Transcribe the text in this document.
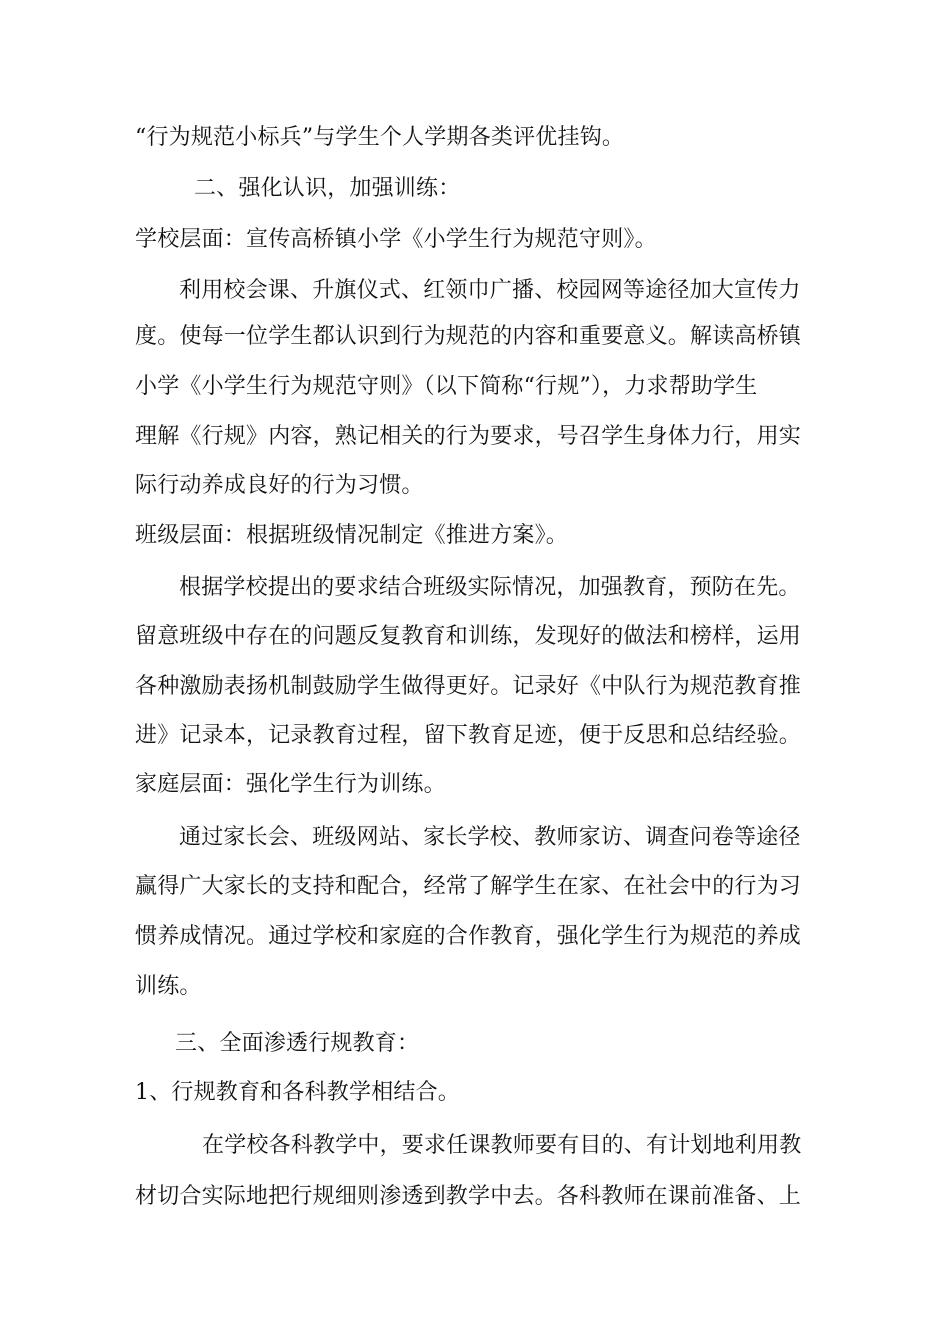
“行为规范小标兵”与学生个人学期各类评优挂钩。
二、强化认识，加强训练：
学校层面：宣传高桥镇小学《小学生行为规范守则》。
利用校会课、升旗仪式、红领巾广播、校园网等途径加大宣传力
度。使每一位学生都认识到行为规范的内容和重要意义。解读高桥镇
小学《小学生行为规范守则》（以下简称“行规”），力求帮助学生
理解《行规》内容，熟记相关的行为要求，号召学生身体力行，用实
际行动养成良好的行为习惯。
班级层面：根据班级情况制定《推进方案》。
根据学校提出的要求结合班级实际情况，加强教育，预防在先。
留意班级中存在的问题反复教育和训练，发现好的做法和榜样，运用
各种激励表扬机制鼓励学生做得更好。记录好《中队行为规范教育推
进》记录本，记录教育过程，留下教育足迹，便于反思和总结经验。
家庭层面：强化学生行为训练。
通过家长会、班级网站、家长学校、教师家访、调查问卷等途径
赢得广大家长的支持和配合，经常了解学生在家、在社会中的行为习
惯养成情况。通过学校和家庭的合作教育，强化学生行为规范的养成
训练。
三、全面渗透行规教育：
1、行规教育和各科教学相结合。
在学校各科教学中，要求任课教师要有目的、有计划地利用教
材切合实际地把行规细则渗透到教学中去。各科教师在课前准备、上
